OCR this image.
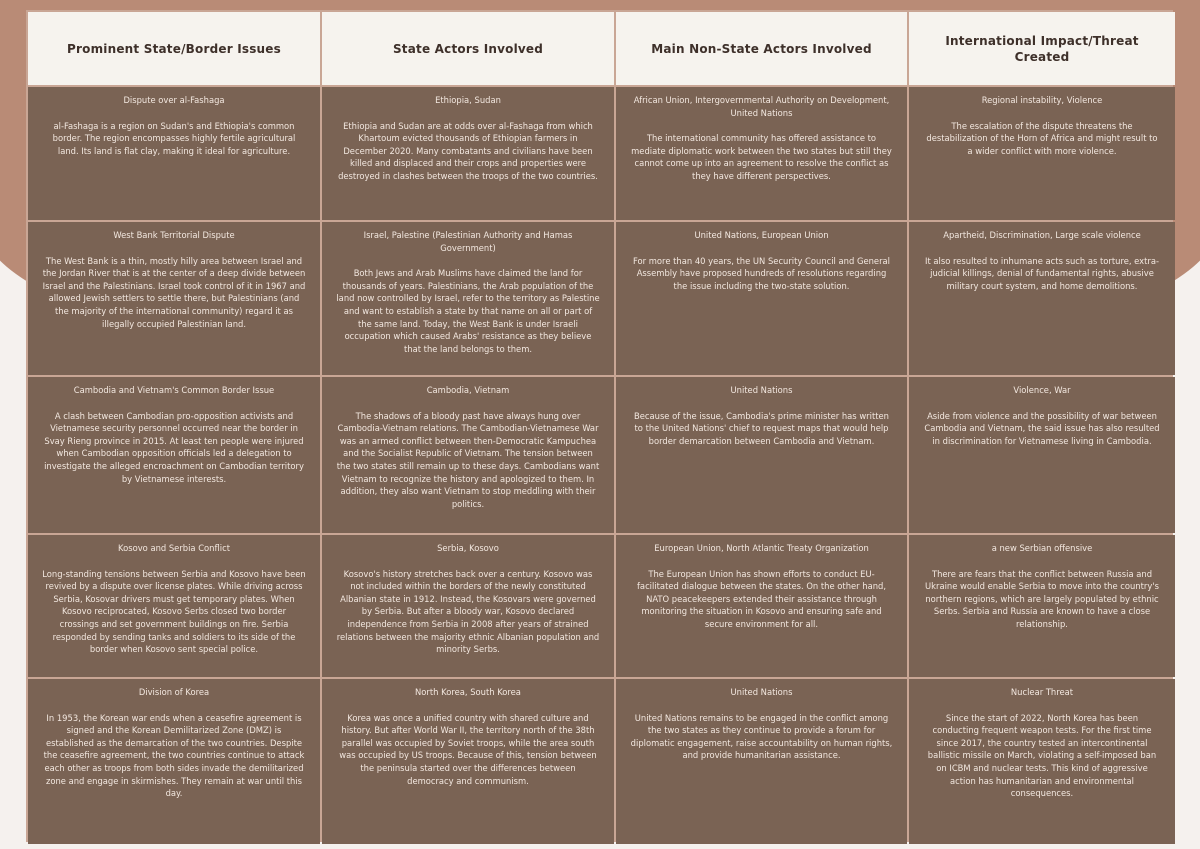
Prominent State/Border Issues	State Actors Involved	Main Non-State Actors Involved
International Impact/Threat Created
Dispute over al-Fashaga
al-Fashaga is a region on Sudan's and Ethiopia's common border. The region encompasses highly fertile agricultural land. Its land is flat clay, making it ideal for agriculture.
Ethiopia, Sudan
Ethiopia and Sudan are at odds over al-Fashaga from which Khartoum evicted thousands of Ethiopian farmers in December 2020. Many combatants and civilians have been killed and displaced and their crops and properties were destroyed in clashes between the troops of the two countries.
African Union, Intergovernmental Authority on Development, United Nations
The international community has offered assistance to mediate diplomatic work between the two states but still they cannot come up into an agreement to resolve the conflict as they have different perspectives.
Regional instability, Violence
The escalation of the dispute threatens the destabilization of the Horn of Africa and might result to a wider conflict with more violence.
West Bank Territorial Dispute
The West Bank is a thin, mostly hilly area between Israel and the Jordan River that is at the center of a deep divide between Israel and the Palestinians. Israel took control of it in 1967 and allowed Jewish settlers to settle there, but Palestinians (and the majority of the international community) regard it as illegally occupied Palestinian land.
Israel, Palestine (Palestinian Authority and Hamas Government)
Both Jews and Arab Muslims have claimed the land for thousands of years. Palestinians, the Arab population of the land now controlled by Israel, refer to the territory as Palestine and want to establish a state by that name on all or part of the same land. Today, the West Bank is under Israeli occupation which caused Arabs' resistance as they believe that the land belongs to them.
United Nations, European Union
For more than 40 years, the UN Security Council and General Assembly have proposed hundreds of resolutions regarding the issue including the two-state solution.
Apartheid, Discrimination, Large scale violence
It also resulted to inhumane acts such as torture, extra-judicial killings, denial of fundamental rights, abusive military court system, and home demolitions.
Cambodia and Vietnam's Common Border Issue
A clash between Cambodian pro-opposition activists and Vietnamese security personnel occurred near the border in Svay Rieng province in 2015. At least ten people were injured when Cambodian opposition officials led a delegation to investigate the alleged encroachment on Cambodian territory by Vietnamese interests.
Cambodia, Vietnam
The shadows of a bloody past have always hung over Cambodia-Vietnam relations. The Cambodian-Vietnamese War was an armed conflict between then-Democratic Kampuchea and the Socialist Republic of Vietnam. The tension between the two states still remain up to these days. Cambodians want Vietnam to recognize the history and apologized to them. In addition, they also want Vietnam to stop meddling with their politics.
United Nations
Because of the issue, Cambodia's prime minister has written to the United Nations' chief to request maps that would help border demarcation between Cambodia and Vietnam.
Violence, War
Aside from violence and the possibility of war between Cambodia and Vietnam, the said issue has also resulted in discrimination for Vietnamese living in Cambodia.
Kosovo and Serbia Conflict
Long-standing tensions between Serbia and Kosovo have been revived by a dispute over license plates. While driving across Serbia, Kosovar drivers must get temporary plates. When Kosovo reciprocated, Kosovo Serbs closed two border crossings and set government buildings on fire. Serbia responded by sending tanks and soldiers to its side of the border when Kosovo sent special police.
Serbia, Kosovo
Kosovo's history stretches back over a century. Kosovo was not included within the borders of the newly constituted Albanian state in 1912. Instead, the Kosovars were governed by Serbia. But after a bloody war, Kosovo declared independence from Serbia in 2008 after years of strained relations between the majority ethnic Albanian population and minority Serbs.
European Union, North Atlantic Treaty Organization
The European Union has shown efforts to conduct EU-facilitated dialogue between the states. On the other hand, NATO peacekeepers extended their assistance through monitoring the situation in Kosovo and ensuring safe and secure environment for all.
a new Serbian offensive
There are fears that the conflict between Russia and Ukraine would enable Serbia to move into the country's northern regions, which are largely populated by ethnic Serbs. Serbia and Russia are known to have a close relationship.
Division of Korea
In 1953, the Korean war ends when a ceasefire agreement is signed and the Korean Demilitarized Zone (DMZ) is established as the demarcation of the two countries. Despite the ceasefire agreement, the two countries continue to attack each other as troops from both sides invade the demilitarized zone and engage in skirmishes. They remain at war until this day.
North Korea, South Korea
Korea was once a unified country with shared culture and history. But after World War II, the territory north of the 38th parallel was occupied by Soviet troops, while the area south was occupied by US troops. Because of this, tension between the peninsula started over the differences between democracy and communism.
United Nations
United Nations remains to be engaged in the conflict among the two states as they continue to provide a forum for diplomatic engagement, raise accountability on human rights, and provide humanitarian assistance.
Nuclear Threat
Since the start of 2022, North Korea has been conducting frequent weapon tests. For the first time since 2017, the country tested an intercontinental ballistic missile on March, violating a self-imposed ban on ICBM and nuclear tests. This kind of aggressive action has humanitarian and environmental consequences.
